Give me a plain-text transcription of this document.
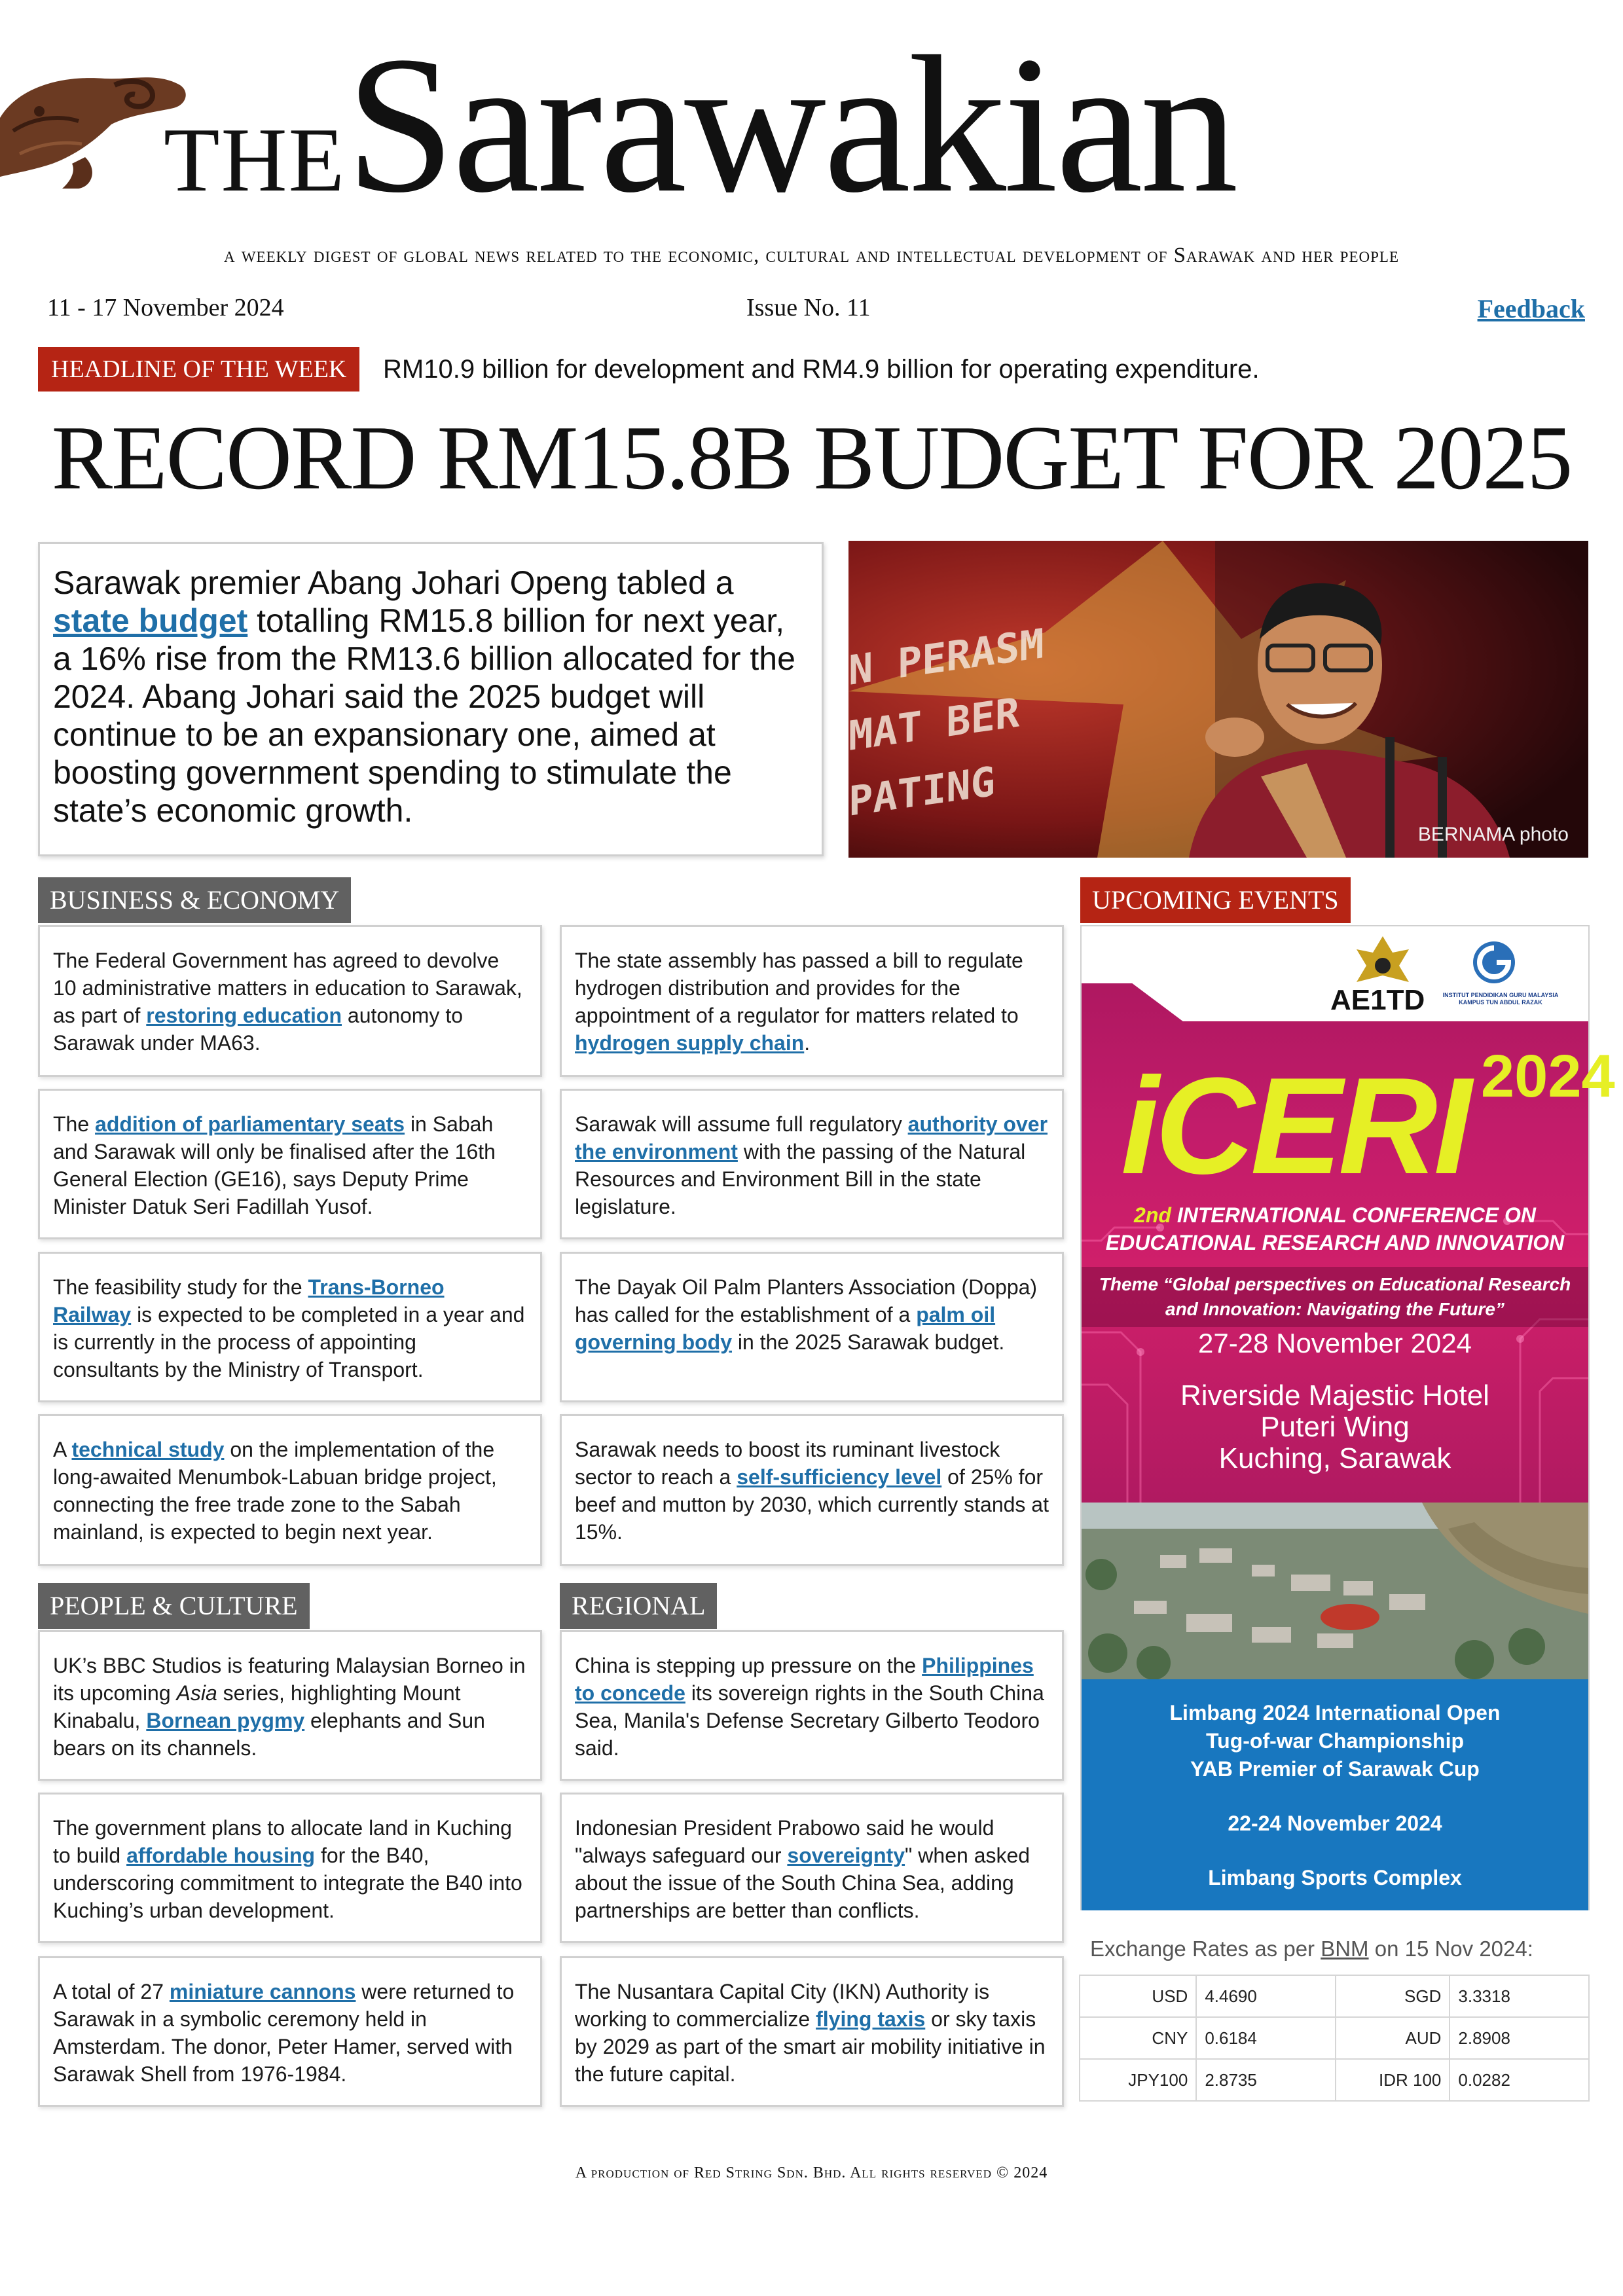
THESarawakian
a weekly digest of global news related to the economic, cultural and intellectual development of Sarawak and her people
11 - 17 November 2024	Issue No. 11	Feedback
HEADLINE OF THE WEEK	RM10.9 billion for development and RM4.9 billion for operating expenditure.
RECORD RM15.8B BUDGET FOR 2025
Sarawak premier Abang Johari Openg tabled a state budget totalling RM15.8 billion for next year, a 16% rise from the RM13.6 billion allocated for the 2024. Abang Johari said the 2025 budget will continue to be an expansionary one, aimed at boosting government spending to stimulate the state’s economic growth.
N PERASM
MAT BER
PATING
BERNAMA photo
BUSINESS & ECONOMY	UPCOMING EVENTS
PEOPLE & CULTURE	REGIONAL
The Federal Government has agreed to devolve 10 administrative matters in education to Sarawak, as part of restoring education autonomy to Sarawak under MA63.
The addition of parliamentary seats in Sabah and Sarawak will only be finalised after the 16th General Election (GE16), says Deputy Prime Minister Datuk Seri Fadillah Yusof.
The feasibility study for the Trans-Borneo Railway is expected to be completed in a year and is currently in the process of appointing consultants by the Ministry of Transport.
A technical study on the implementation of the long-awaited Menumbok-Labuan bridge project, connecting the free trade zone to the Sabah mainland, is expected to begin next year.
The state assembly has passed a bill to regulate hydrogen distribution and provides for the appointment of a regulator for matters related to hydrogen supply chain.
Sarawak will assume full regulatory authority over the environment with the passing of the Natural Resources and Environment Bill in the state legislature.
The Dayak Oil Palm Planters Association (Doppa) has called for the establishment of a palm oil governing body in the 2025 Sarawak budget.
Sarawak needs to boost its ruminant livestock sector to reach a self-sufficiency level of 25% for beef and mutton by 2030, which currently stands at 15%.
UK’s BBC Studios is featuring Malaysian Borneo in its upcoming Asia series, highlighting Mount Kinabalu, Bornean pygmy elephants and Sun bears on its channels.
The government plans to allocate land in Kuching to build affordable housing for the B40, underscoring commitment to integrate the B40 into Kuching’s urban development.
A total of 27 miniature cannons were returned to Sarawak in a symbolic ceremony held in Amsterdam. The donor, Peter Hamer, served with Sarawak Shell from 1976-1984.
China is stepping up pressure on the Philippines to concede its sovereign rights in the South China Sea, Manila's Defense Secretary Gilberto Teodoro said.
Indonesian President Prabowo said he would "always safeguard our sovereignty" when asked about the issue of the South China Sea, adding partnerships are better than conflicts.
The Nusantara Capital City (IKN) Authority is working to commercialize flying taxis or sky taxis by 2029 as part of the smart air mobility initiative in the future capital.
AE1TD	INSTITUT PENDIDIKAN GURU MALAYSIA KAMPUS TUN ABDUL RAZAK
iCERI 2024
2nd INTERNATIONAL CONFERENCE ON EDUCATIONAL RESEARCH AND INNOVATION
Theme “Global perspectives on Educational Research and Innovation: Navigating the Future”
27-28 November 2024
Riverside Majestic Hotel
Puteri Wing
Kuching, Sarawak
Limbang 2024 International Open
Tug-of-war Championship
YAB Premier of Sarawak Cup
22-24 November 2024
Limbang Sports Complex
Exchange Rates as per BNM on 15 Nov 2024:
USD	4.4690	SGD	3.3318
CNY	0.6184	AUD	2.8908
JPY100	2.8735	IDR 100	0.0282
A production of Red String Sdn. Bhd. All rights reserved © 2024
